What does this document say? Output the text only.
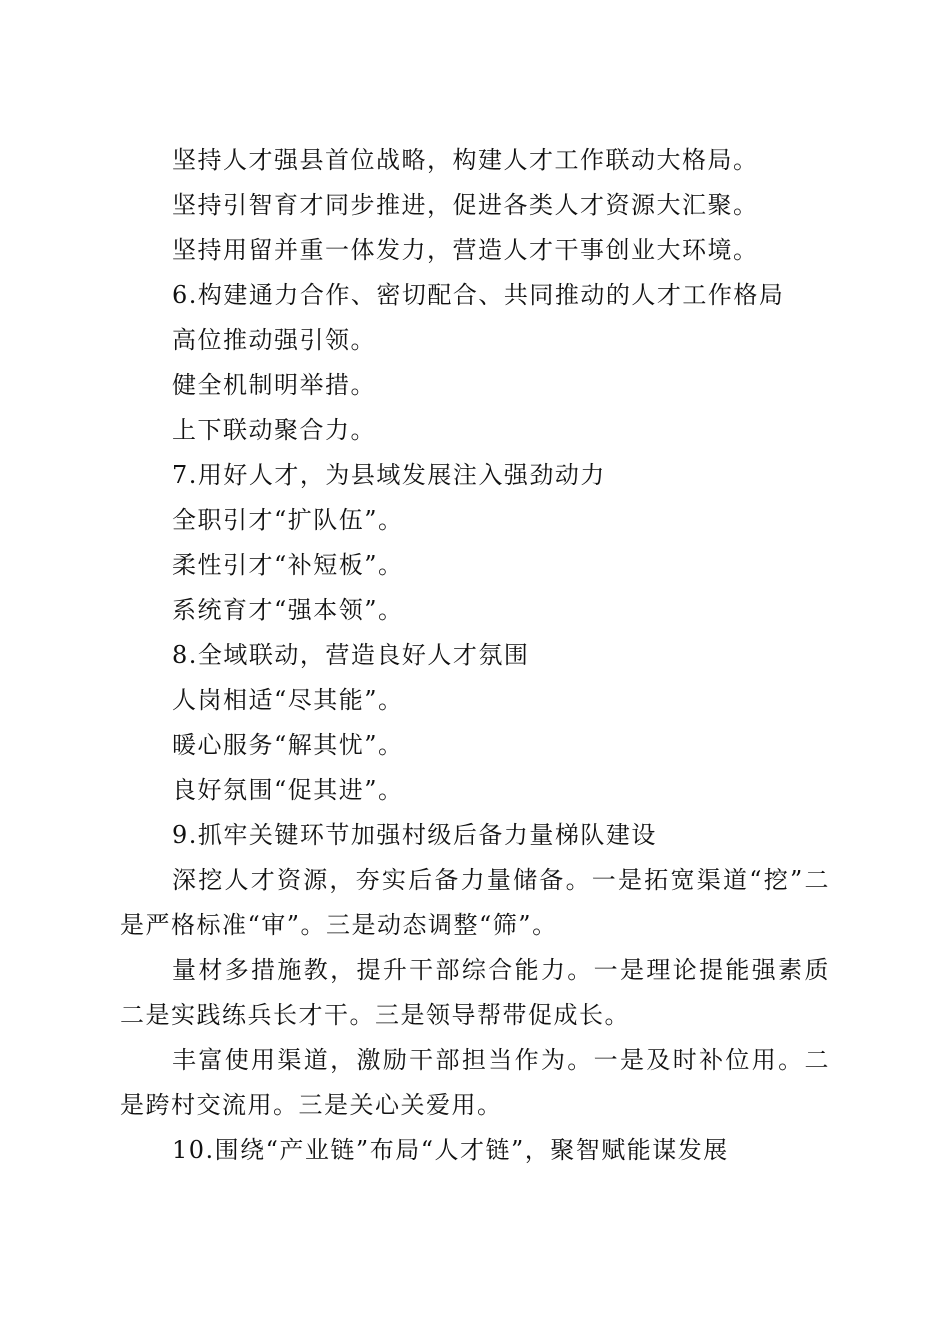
坚持人才强县首位战略，构建人才工作联动大格局。
坚持引智育才同步推进，促进各类人才资源大汇聚。
坚持用留并重一体发力，营造人才干事创业大环境。
6.构建通力合作、密切配合、共同推动的人才工作格局
高位推动强引领。
健全机制明举措。
上下联动聚合力。
7.用好人才，为县域发展注入强劲动力
全职引才“扩队伍”。
柔性引才“补短板”。
系统育才“强本领”。
8.全域联动，营造良好人才氛围
人岗相适“尽其能”。
暖心服务“解其忧”。
良好氛围“促其进”。
9.抓牢关键环节加强村级后备力量梯队建设
深挖人才资源，夯实后备力量储备。一是拓宽渠道“挖”二是严格标准“审”。三是动态调整“筛”。
量材多措施教，提升干部综合能力。一是理论提能强素质二是实践练兵长才干。三是领导帮带促成长。
丰富使用渠道，激励干部担当作为。一是及时补位用。二是跨村交流用。三是关心关爱用。
10.围绕“产业链”布局“人才链”，聚智赋能谋发展
